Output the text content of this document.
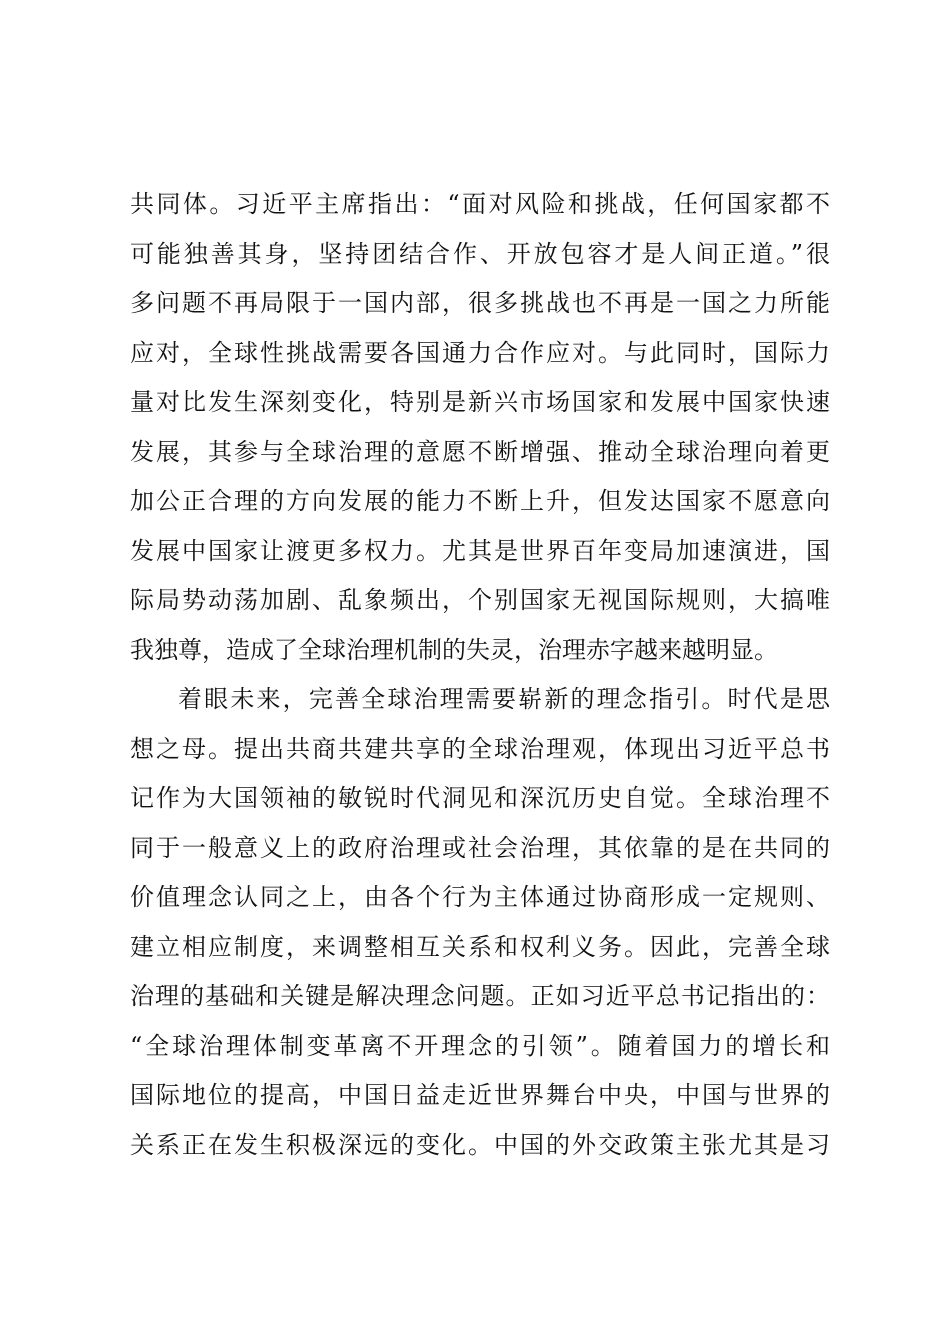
共同体。习近平主席指出：“面对风险和挑战，任何国家都不
可能独善其身，坚持团结合作、开放包容才是人间正道。”很
多问题不再局限于一国内部，很多挑战也不再是一国之力所能
应对，全球性挑战需要各国通力合作应对。与此同时，国际力
量对比发生深刻变化，特别是新兴市场国家和发展中国家快速
发展，其参与全球治理的意愿不断增强、推动全球治理向着更
加公正合理的方向发展的能力不断上升，但发达国家不愿意向
发展中国家让渡更多权力。尤其是世界百年变局加速演进，国
际局势动荡加剧、乱象频出，个别国家无视国际规则，大搞唯
我独尊，造成了全球治理机制的失灵，治理赤字越来越明显。
着眼未来，完善全球治理需要崭新的理念指引。时代是思
想之母。提出共商共建共享的全球治理观，体现出习近平总书
记作为大国领袖的敏锐时代洞见和深沉历史自觉。全球治理不
同于一般意义上的政府治理或社会治理，其依靠的是在共同的
价值理念认同之上，由各个行为主体通过协商形成一定规则、
建立相应制度，来调整相互关系和权利义务。因此，完善全球
治理的基础和关键是解决理念问题。正如习近平总书记指出的：
“全球治理体制变革离不开理念的引领”。随着国力的增长和
国际地位的提高，中国日益走近世界舞台中央，中国与世界的
关系正在发生积极深远的变化。中国的外交政策主张尤其是习
